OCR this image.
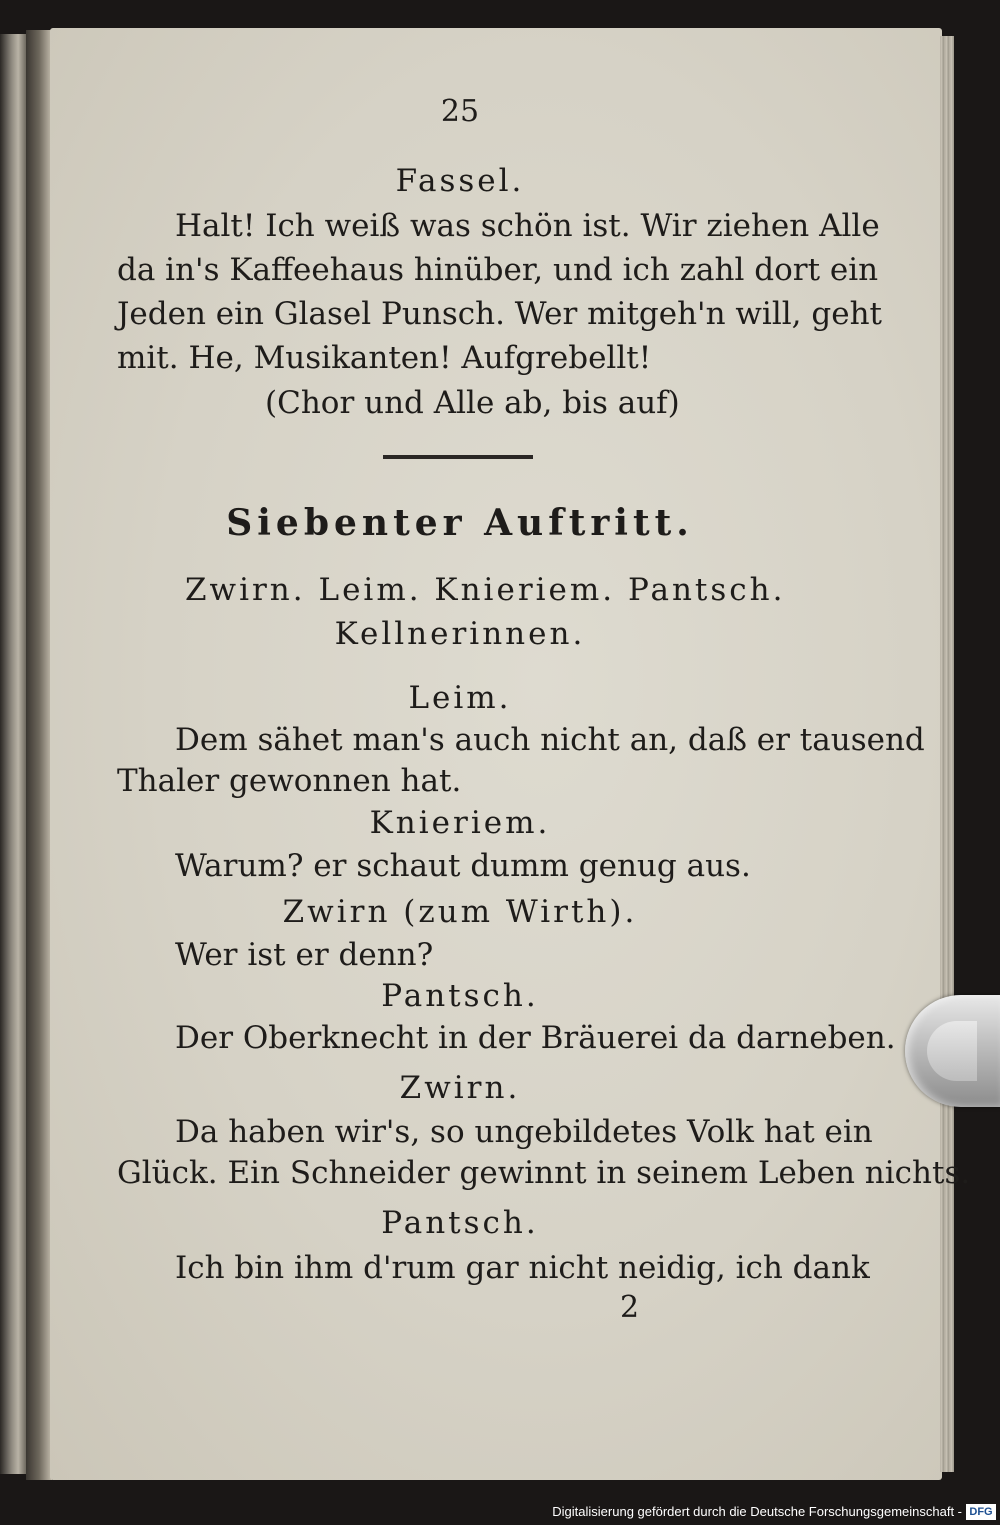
25
Fassel.
Halt! Ich weiß was schön ist. Wir ziehen Alle
da in's Kaffeehaus hinüber, und ich zahl dort ein
Jeden ein Glasel Punsch. Wer mitgeh'n will, geht
mit. He, Musikanten! Aufgrebellt!
(Chor und Alle ab, bis auf)
Siebenter Auftritt.
Zwirn. Leim. Knieriem. Pantsch.
Kellnerinnen.
Leim.
Dem sähet man's auch nicht an, daß er tausend
Thaler gewonnen hat.
Knieriem.
Warum? er schaut dumm genug aus.
Zwirn (zum Wirth).
Wer ist er denn?
Pantsch.
Der Oberknecht in der Bräuerei da darneben.
Zwirn.
Da haben wir's, so ungebildetes Volk hat ein
Glück. Ein Schneider gewinnt in seinem Leben nichts.
Pantsch.
Ich bin ihm d'rum gar nicht neidig, ich dank
2
Digitalisierung gefördert durch die Deutsche Forschungsgemeinschaft - DFG
